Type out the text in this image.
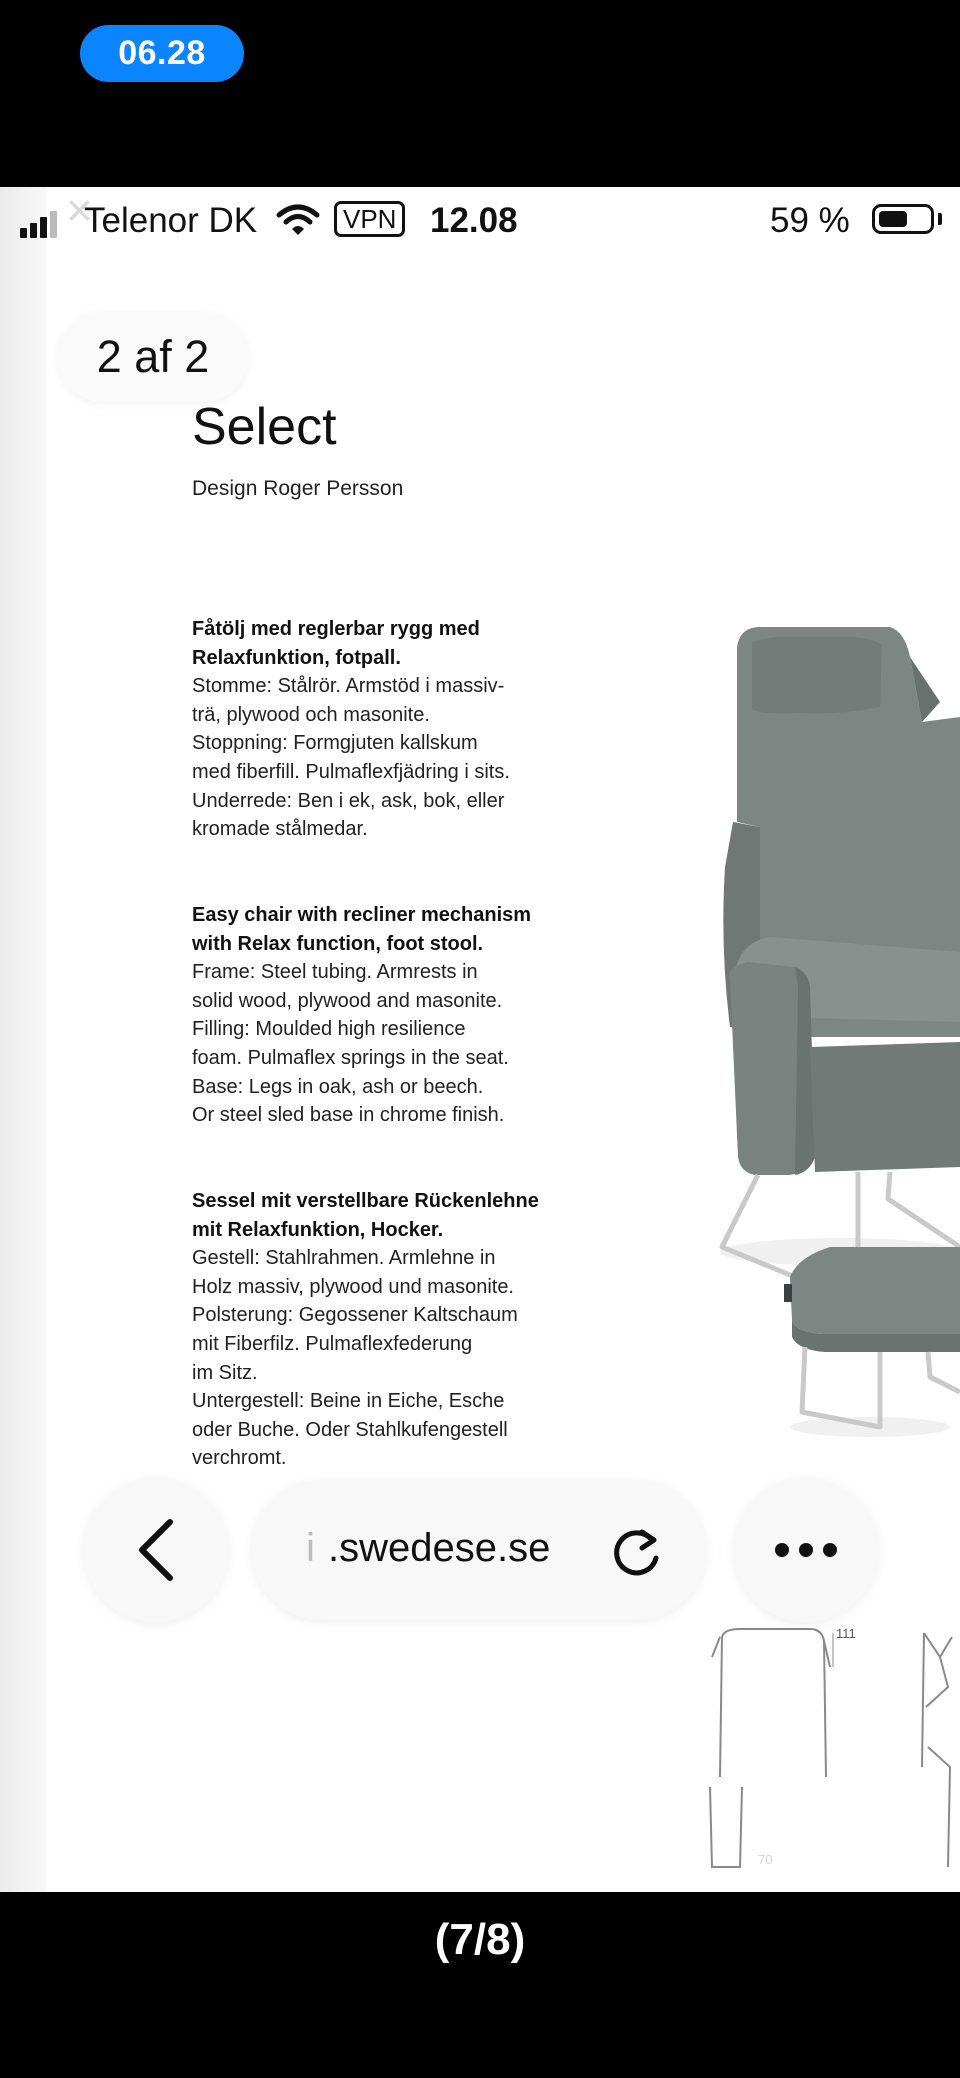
06.28
Telenor DK
×	VPN 12.08	59 %
2 af 2
Select
Design Roger Persson
Fåtölj med reglerbar rygg med
Relaxfunktion, fotpall.
Stomme: Stålrör. Armstöd i massiv-
trä, plywood och masonite.
Stoppning: Formgjuten kallskum
med fiberfill. Pulmaflexfjädring i sits.
Underrede: Ben i ek, ask, bok, eller
kromade stålmedar.
Easy chair with recliner mechanism
with Relax function, foot stool.
Frame: Steel tubing. Armrests in
solid wood, plywood and masonite.
Filling: Moulded high resilience
foam. Pulmaflex springs in the seat.
Base: Legs in oak, ash or beech.
Or steel sled base in chrome finish.
Sessel mit verstellbare Rückenlehne
mit Relaxfunktion, Hocker.
Gestell: Stahlrahmen. Armlehne in
Holz massiv, plywood und masonite.
Polsterung: Gegossener Kaltschaum
mit Fiberfilz. Pulmaflexfederung
im Sitz.
Untergestell: Beine in Eiche, Esche
oder Buche. Oder Stahlkufengestell
verchromt.
111
70
i .swedese.se
(7/8)
